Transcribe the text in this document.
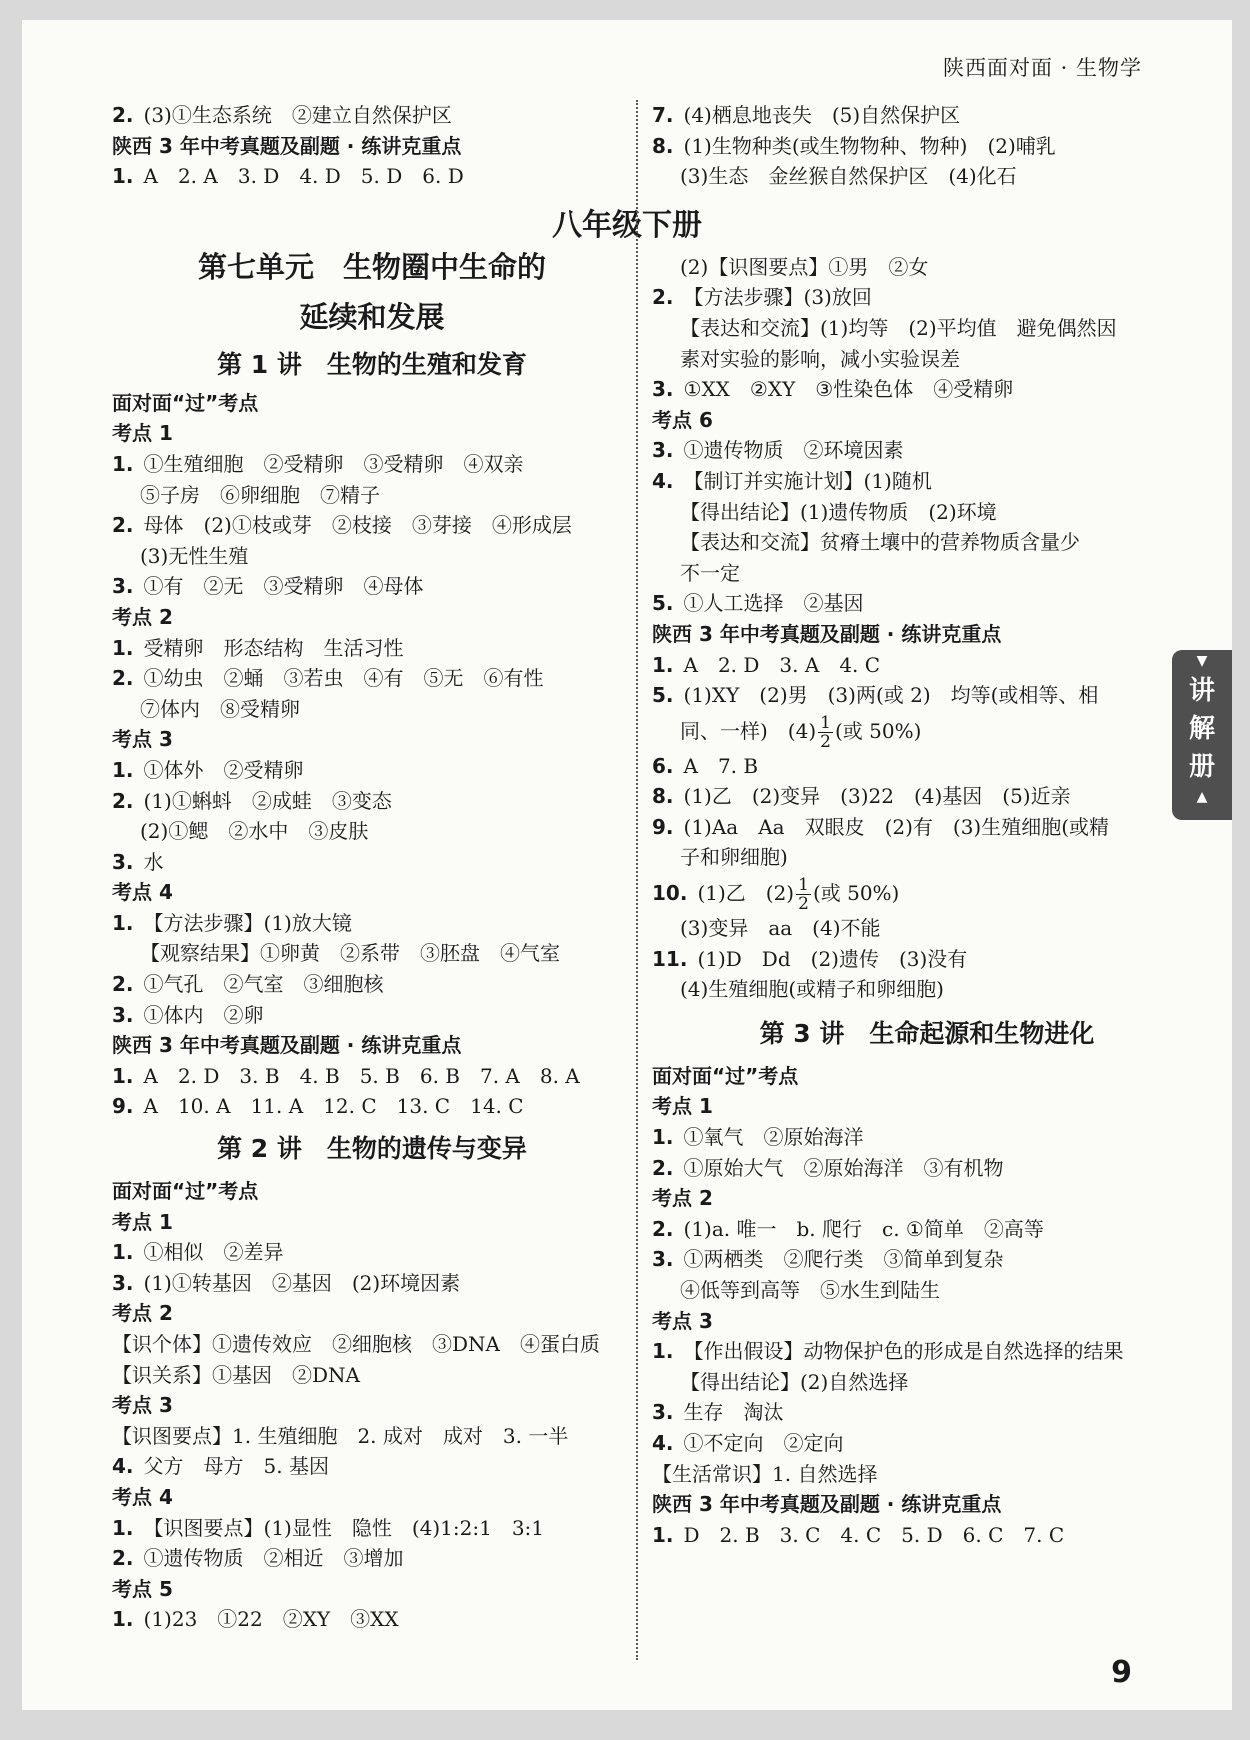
陕西面对面 · 生物学
八年级下册
2. (3)①生态系统　②建立自然保护区
陕西 3 年中考真题及副题 · 练讲克重点
1. A　2. A　3. D　4. D　5. D　6. D
第七单元　生物圈中生命的
延续和发展
第 1 讲　生物的生殖和发育
面对面“过”考点
考点 1
1. ①生殖细胞　②受精卵　③受精卵　④双亲
⑤子房　⑥卵细胞　⑦精子
2. 母体　(2)①枝或芽　②枝接　③芽接　④形成层
(3)无性生殖
3. ①有　②无　③受精卵　④母体
考点 2
1. 受精卵　形态结构　生活习性
2. ①幼虫　②蛹　③若虫　④有　⑤无　⑥有性
⑦体内　⑧受精卵
考点 3
1. ①体外　②受精卵
2. (1)①蝌蚪　②成蛙　③变态
(2)①鳃　②水中　③皮肤
3. 水
考点 4
1. 【方法步骤】(1)放大镜
【观察结果】①卵黄　②系带　③胚盘　④气室
2. ①气孔　②气室　③细胞核
3. ①体内　②卵
陕西 3 年中考真题及副题 · 练讲克重点
1. A　2. D　3. B　4. B　5. B　6. B　7. A　8. A
9. A　10. A　11. A　12. C　13. C　14. C
第 2 讲　生物的遗传与变异
面对面“过”考点
考点 1
1. ①相似　②差异
3. (1)①转基因　②基因　(2)环境因素
考点 2
【识个体】①遗传效应　②细胞核　③DNA　④蛋白质
【识关系】①基因　②DNA
考点 3
【识图要点】1. 生殖细胞　2. 成对　成对　3. 一半
4. 父方　母方　5. 基因
考点 4
1. 【识图要点】(1)显性　隐性　(4)1:2:1　3:1
2. ①遗传物质　②相近　③增加
考点 5
1. (1)23　①22　②XY　③XX
7. (4)栖息地丧失　(5)自然保护区
8. (1)生物种类(或生物物种、物种)　(2)哺乳
(3)生态　金丝猴自然保护区　(4)化石
(2)【识图要点】①男　②女
2. 【方法步骤】(3)放回
【表达和交流】(1)均等　(2)平均值　避免偶然因
素对实验的影响，减小实验误差
3. ①XX　②XY　③性染色体　④受精卵
考点 6
3. ①遗传物质　②环境因素
4. 【制订并实施计划】(1)随机
【得出结论】(1)遗传物质　(2)环境
【表达和交流】贫瘠土壤中的营养物质含量少
不一定
5. ①人工选择　②基因
陕西 3 年中考真题及副题 · 练讲克重点
1. A　2. D　3. A　4. C
5. (1)XY　(2)男　(3)两(或 2)　均等(或相等、相
同、一样)　$(4) \frac{1}{2}$ (或 50%)
6. A　7. B
8. (1)乙　(2)变异　(3)22　(4)基因　(5)近亲
9. (1)Aa　Aa　双眼皮　(2)有　(3)生殖细胞(或精
子和卵细胞)
10. (1)乙　$(2) \frac{1}{2}$ (或 50%)
(3)变异　aa　(4)不能
11. (1)D　Dd　(2)遗传　(3)没有
(4)生殖细胞(或精子和卵细胞)
第 3 讲　生命起源和生物进化
面对面“过”考点
考点 1
1. ①氧气　②原始海洋
2. ①原始大气　②原始海洋　③有机物
考点 2
2. (1)a. 唯一　b. 爬行　c. ①简单　②高等
3. ①两栖类　②爬行类　③简单到复杂
④低等到高等　⑤水生到陆生
考点 3
1. 【作出假设】动物保护色的形成是自然选择的结果
【得出结论】(2)自然选择
3. 生存　淘汰
4. ①不定向　②定向
【生活常识】1. 自然选择
陕西 3 年中考真题及副题 · 练讲克重点
1. D　2. B　3. C　4. C　5. D　6. C　7. C
▼
讲
解
册
▲
9
